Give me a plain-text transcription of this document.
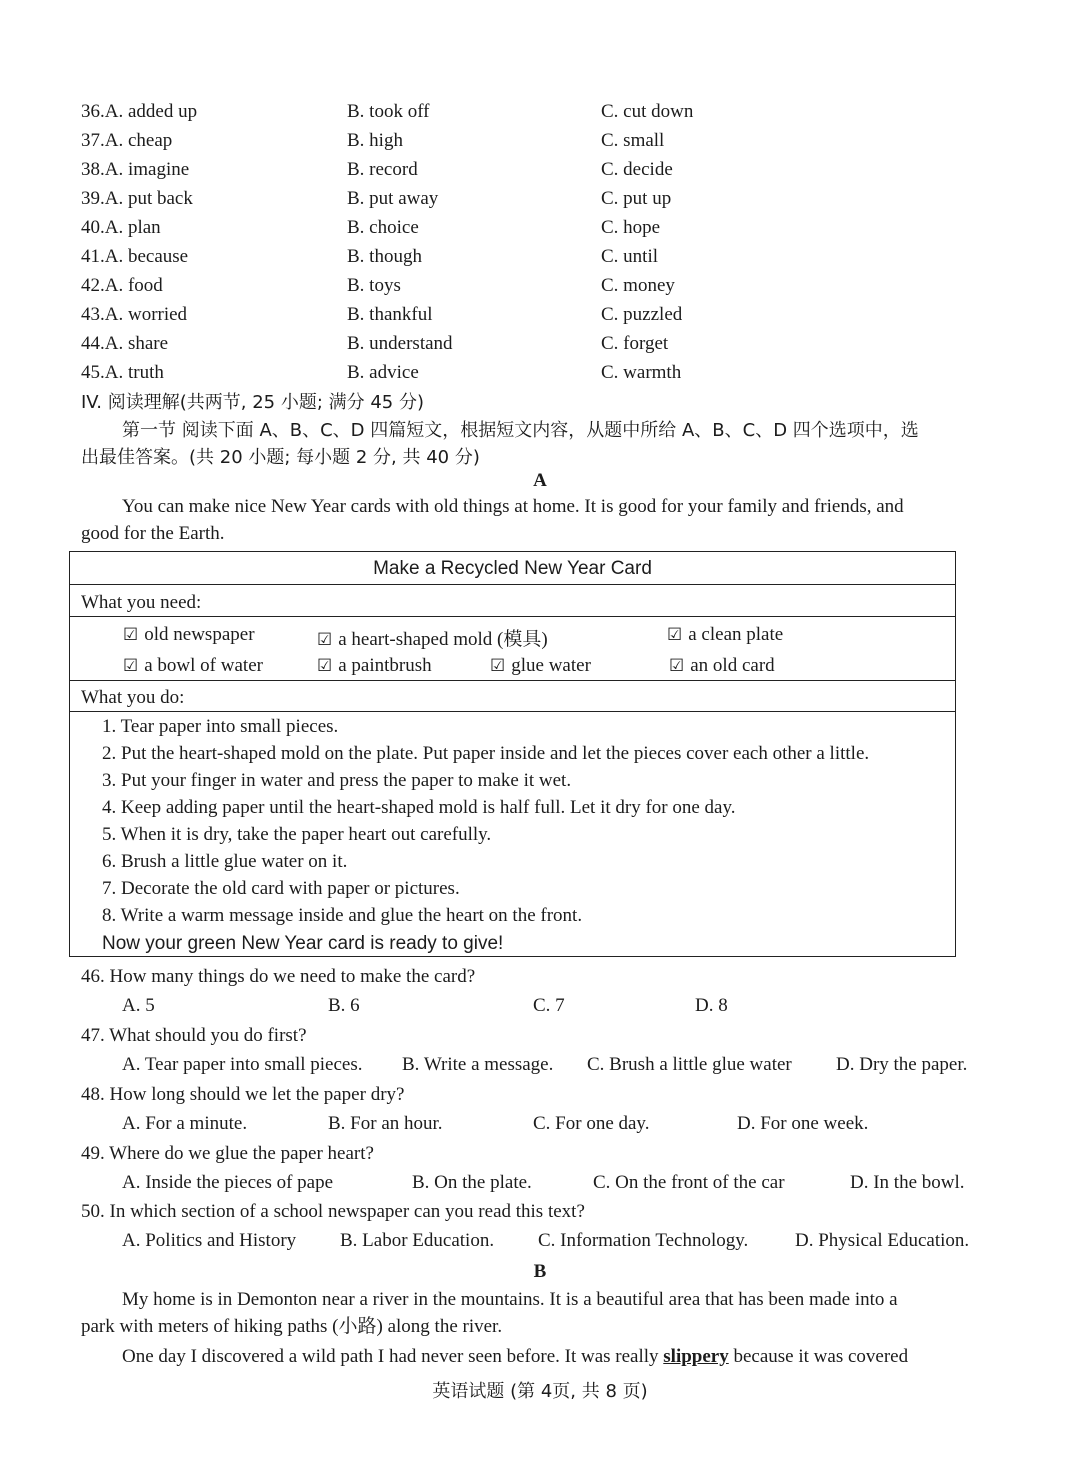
36.A. added up	B. took off	C. cut down
37.A. cheap	B. high	C. small
38.A. imagine	B. record	C. decide
39.A. put back	B. put away	C. put up
40.A. plan	B. choice	C. hope
41.A. because	B. though	C. until
42.A. food	B. toys	C. money
43.A. worried	B. thankful	C. puzzled
44.A. share	B. understand	C. forget
45.A. truth	B. advice	C. warmth
IV. 阅读理解(共两节, 25 小题; 满分 45 分)
第一节 阅读下面 A、B、C、D 四篇短文，根据短文内容，从题中所给 A、B、C、D 四个选项中，选
出最佳答案。(共 20 小题; 每小题 2 分, 共 40 分)
A
You can make nice New Year cards with old things at home. It is good for your family and friends, and
good for the Earth.
Make a Recycled New Year Card
What you need:
☑ old newspaper	☑ a heart-shaped mold (模具)	☑ a clean plate
☑ a bowl of water	☑ a paintbrush	☑ glue water	☑ an old card
What you do:
1. Tear paper into small pieces.
2. Put the heart-shaped mold on the plate. Put paper inside and let the pieces cover each other a little.
3. Put your finger in water and press the paper to make it wet.
4. Keep adding paper until the heart-shaped mold is half full. Let it dry for one day.
5. When it is dry, take the paper heart out carefully.
6. Brush a little glue water on it.
7. Decorate the old card with paper or pictures.
8. Write a warm message inside and glue the heart on the front.
Now your green New Year card is ready to give!
46. How many things do we need to make the card?
A. 5	B. 6	C. 7	D. 8
47. What should you do first?
A. Tear paper into small pieces. B. Write a message. C. Brush a little glue water D. Dry the paper.
48. How long should we let the paper dry?
A. For a minute.	B. For an hour.	C. For one day.	D. For one week.
49. Where do we glue the paper heart?
A. Inside the pieces of pape	B. On the plate.	C. On the front of the car	D. In the bowl.
50. In which section of a school newspaper can you read this text?
A. Politics and History B. Labor Education. C. Information Technology. D. Physical Education.
B
My home is in Demonton near a river in the mountains. It is a beautiful area that has been made into a
park with meters of hiking paths (小路) along the river.
One day I discovered a wild path I had never seen before. It was really slippery because it was covered
英语试题 (第 4页, 共 8 页)
